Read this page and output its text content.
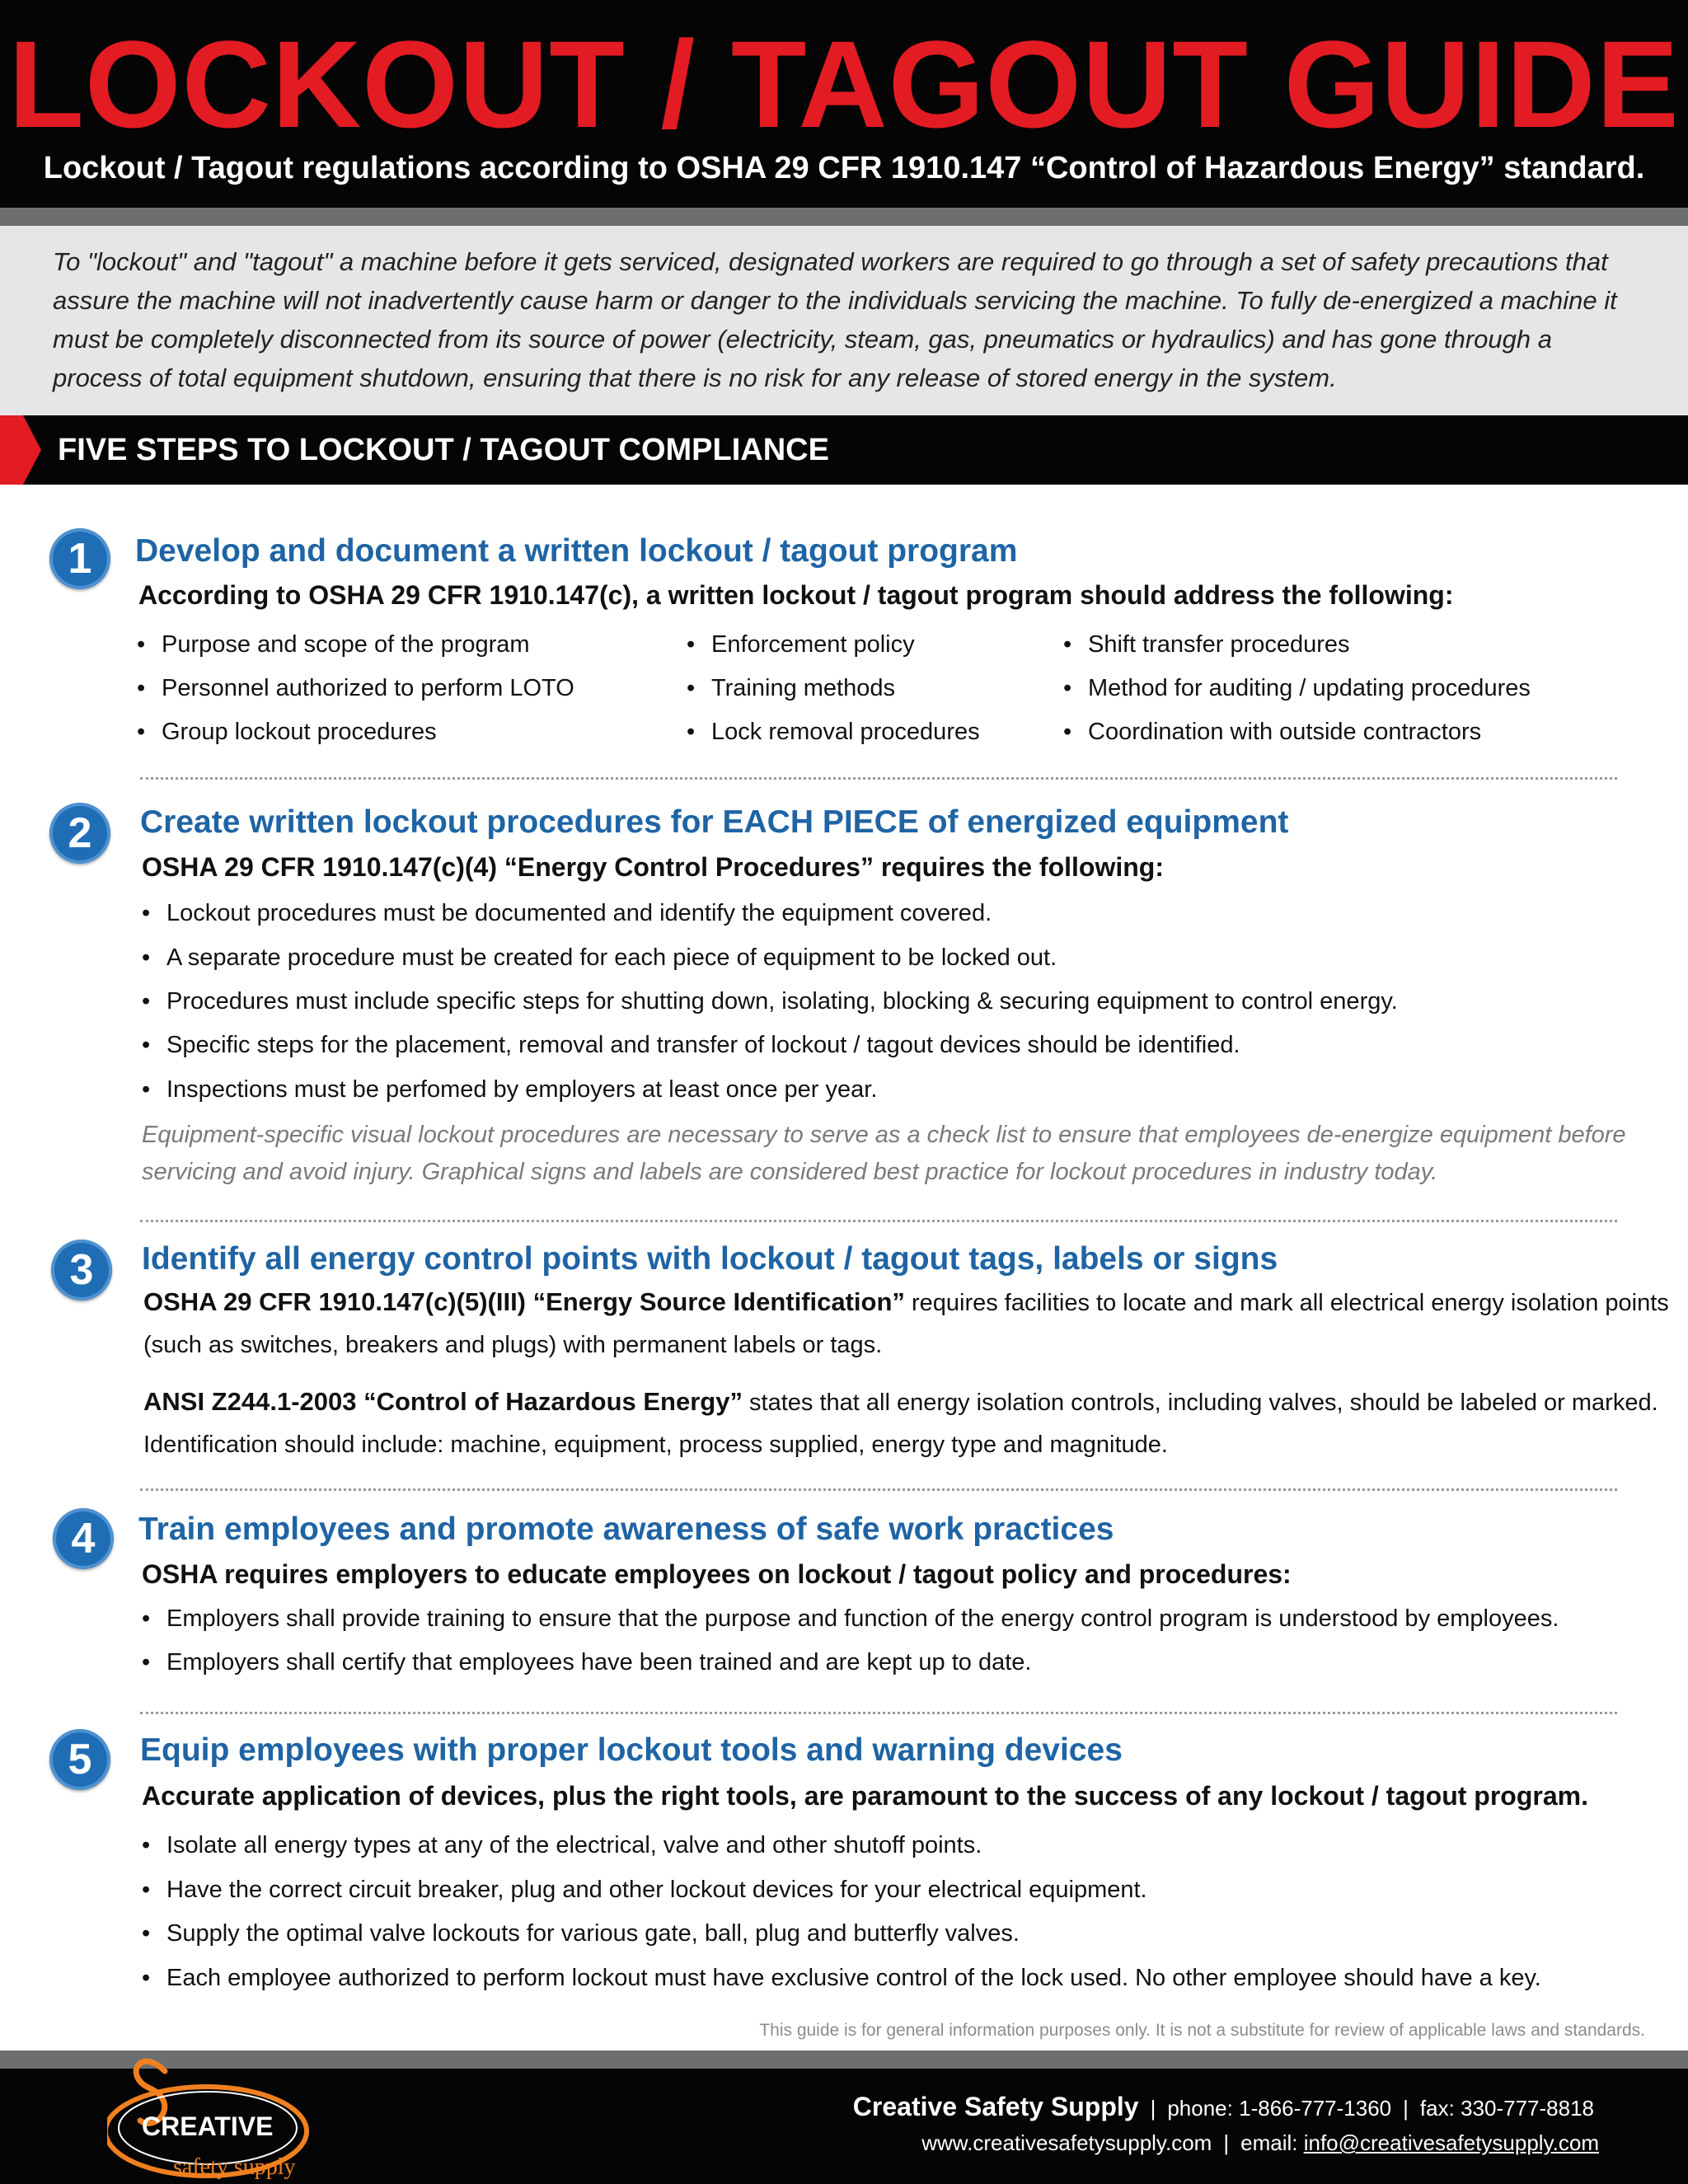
LOCKOUT / TAGOUT GUIDE
Lockout / Tagout regulations according to OSHA 29 CFR 1910.147 “Control of Hazardous Energy” standard.
To "lockout" and "tagout" a machine before it gets serviced, designated workers are required to go through a set of safety precautions that assure the machine will not inadvertently cause harm or danger to the individuals servicing the machine. To fully de-energized a machine it must be completely disconnected from its source of power (electricity, steam, gas, pneumatics or hydraulics) and has gone through a process of total equipment shutdown, ensuring that there is no risk for any release of stored energy in the system.
FIVE STEPS TO LOCKOUT / TAGOUT COMPLIANCE
1	Develop and document a written lockout / tagout program
According to OSHA 29 CFR 1910.147(c), a written lockout / tagout program should address the following:
• Purpose and scope of the program
• Personnel authorized to perform LOTO
• Group lockout procedures
• Enforcement policy
• Training methods
• Lock removal procedures
• Shift transfer procedures
• Method for auditing / updating procedures
• Coordination with outside contractors
2	Create written lockout procedures for EACH PIECE of energized equipment
OSHA 29 CFR 1910.147(c)(4) “Energy Control Procedures” requires the following:
• Lockout procedures must be documented and identify the equipment covered.
• A separate procedure must be created for each piece of equipment to be locked out.
• Procedures must include specific steps for shutting down, isolating, blocking & securing equipment to control energy.
• Specific steps for the placement, removal and transfer of lockout / tagout devices should be identified.
• Inspections must be perfomed by employers at least once per year.
Equipment-specific visual lockout procedures are necessary to serve as a check list to ensure that employees de-energize equipment before servicing and avoid injury. Graphical signs and labels are considered best practice for lockout procedures in industry today.
3	Identify all energy control points with lockout / tagout tags, labels or signs
OSHA 29 CFR 1910.147(c)(5)(III) “Energy Source Identification” requires facilities to locate and mark all electrical energy isolation points (such as switches, breakers and plugs) with permanent labels or tags.
ANSI Z244.1-2003 “Control of Hazardous Energy” states that all energy isolation controls, including valves, should be labeled or marked. Identification should include: machine, equipment, process supplied, energy type and magnitude.
4	Train employees and promote awareness of safe work practices
OSHA requires employers to educate employees on lockout / tagout policy and procedures:
• Employers shall provide training to ensure that the purpose and function of the energy control program is understood by employees.
• Employers shall certify that employees have been trained and are kept up to date.
5	Equip employees with proper lockout tools and warning devices
Accurate application of devices, plus the right tools, are paramount to the success of any lockout / tagout program.
• Isolate all energy types at any of the electrical, valve and other shutoff points.
• Have the correct circuit breaker, plug and other lockout devices for your electrical equipment.
• Supply the optimal valve lockouts for various gate, ball, plug and butterfly valves.
• Each employee authorized to perform lockout must have exclusive control of the lock used. No other employee should have a key.
This guide is for general information purposes only. It is not a substitute for review of applicable laws and standards.
CREATIVE
safety supply
Creative Safety Supply | phone: 1-866-777-1360 | fax: 330-777-8818
www.creativesafetysupply.com | email: info@creativesafetysupply.com
